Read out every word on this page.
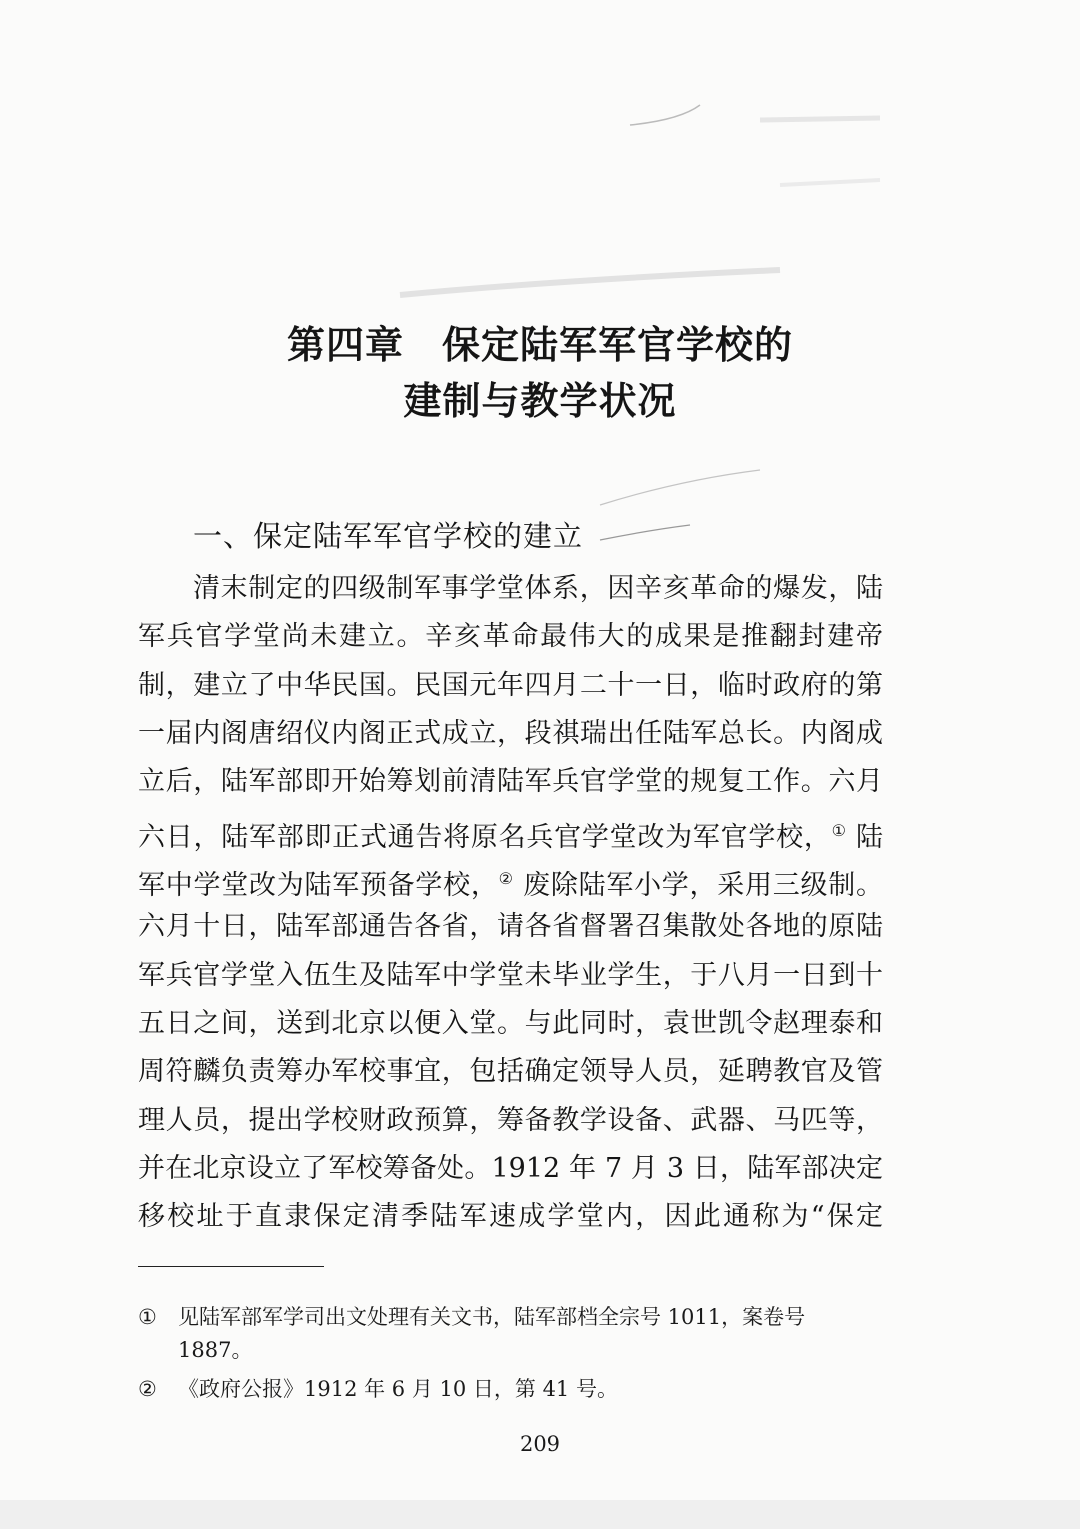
第四章 保定陆军军官学校的
建制与教学状况
一、保定陆军军官学校的建立
清末制定的四级制军事学堂体系，因辛亥革命的爆发，陆
军兵官学堂尚未建立。辛亥革命最伟大的成果是推翻封建帝
制，建立了中华民国。民国元年四月二十一日，临时政府的第
一届内阁唐绍仪内阁正式成立，段祺瑞出任陆军总长。内阁成
立后，陆军部即开始筹划前清陆军兵官学堂的规复工作。六月
六日，陆军部即正式通告将原名兵官学堂改为军官学校，① 陆
军中学堂改为陆军预备学校，② 废除陆军小学，采用三级制。
六月十日，陆军部通告各省，请各省督署召集散处各地的原陆
军兵官学堂入伍生及陆军中学堂未毕业学生，于八月一日到十
五日之间，送到北京以便入堂。与此同时，袁世凯令赵理泰和
周符麟负责筹办军校事宜，包括确定领导人员，延聘教官及管
理人员，提出学校财政预算，筹备教学设备、武器、马匹等，
并在北京设立了军校筹备处。1912 年 7 月 3 日，陆军部决定
移校址于直隶保定清季陆军速成学堂内，因此通称为“保定
① 见陆军部军学司出文处理有关文书，陆军部档全宗号 1011，案卷号
1887。
② 《政府公报》1912 年 6 月 10 日，第 41 号。
209
